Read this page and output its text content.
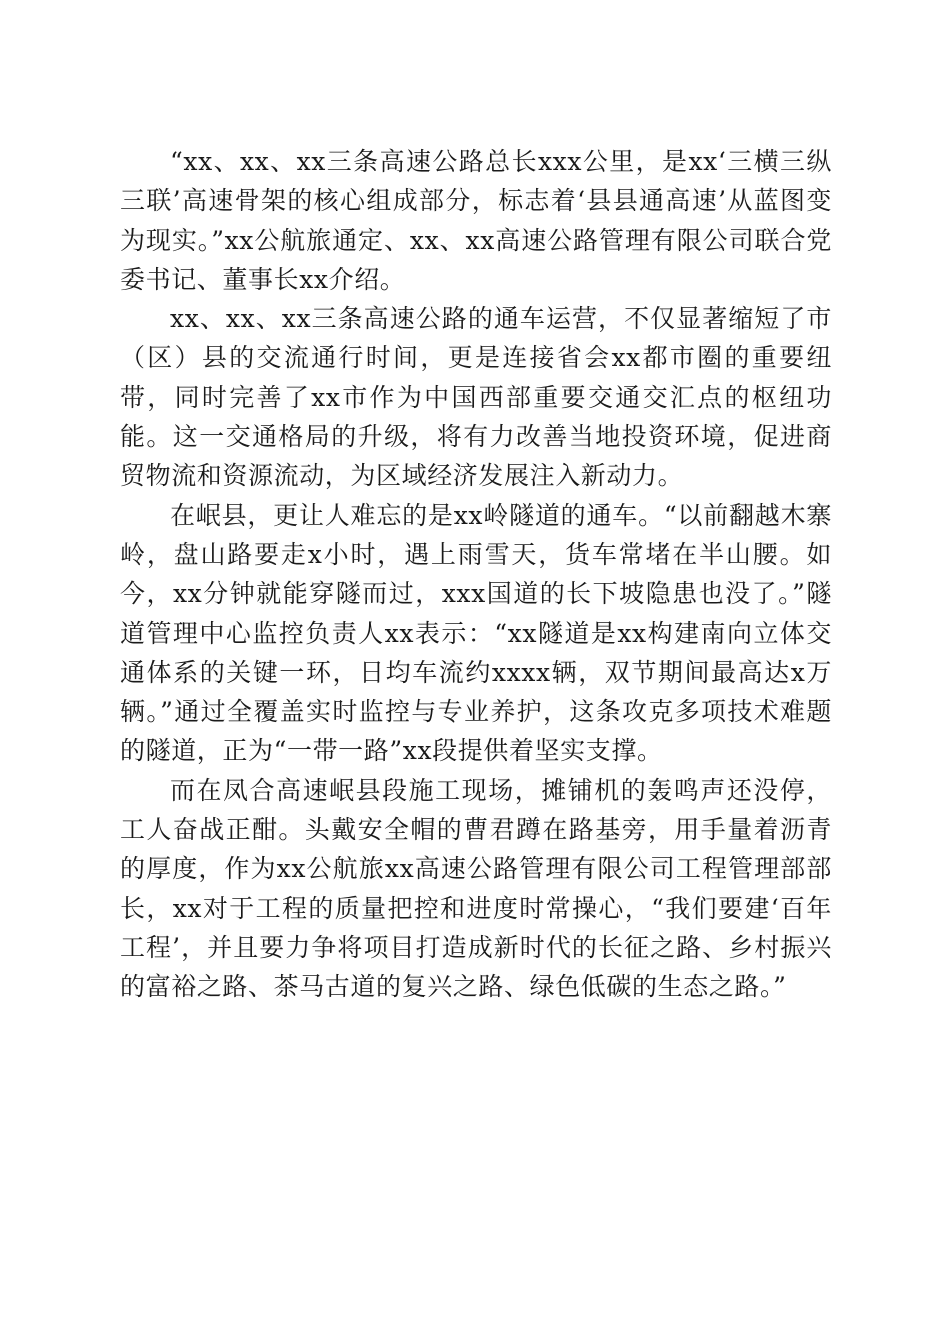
“xx、xx、xx三条高速公路总长xxx公里，是xx‘三横三纵三联’高速骨架的核心组成部分，标志着‘县县通高速’从蓝图变为现实。”xx公航旅通定、xx、xx高速公路管理有限公司联合党委书记、董事长xx介绍。

xx、xx、xx三条高速公路的通车运营，不仅显著缩短了市（区）县的交流通行时间，更是连接省会xx都市圈的重要纽带，同时完善了xx市作为中国西部重要交通交汇点的枢纽功能。这一交通格局的升级，将有力改善当地投资环境，促进商贸物流和资源流动，为区域经济发展注入新动力。

在岷县，更让人难忘的是xx岭隧道的通车。“以前翻越木寨岭，盘山路要走x小时，遇上雨雪天，货车常堵在半山腰。如今，xx分钟就能穿隧而过，xxx国道的长下坡隐患也没了。”隧道管理中心监控负责人xx表示：“xx隧道是xx构建南向立体交通体系的关键一环，日均车流约xxxx辆，双节期间最高达x万辆。”通过全覆盖实时监控与专业养护，这条攻克多项技术难题的隧道，正为“一带一路”xx段提供着坚实支撑。

而在凤合高速岷县段施工现场，摊铺机的轰鸣声还没停，工人奋战正酣。头戴安全帽的曹君蹲在路基旁，用手量着沥青的厚度，作为xx公航旅xx高速公路管理有限公司工程管理部部长，xx对于工程的质量把控和进度时常操心，“我们要建‘百年工程’，并且要力争将项目打造成新时代的长征之路、乡村振兴的富裕之路、茶马古道的复兴之路、绿色低碳的生态之路。”
